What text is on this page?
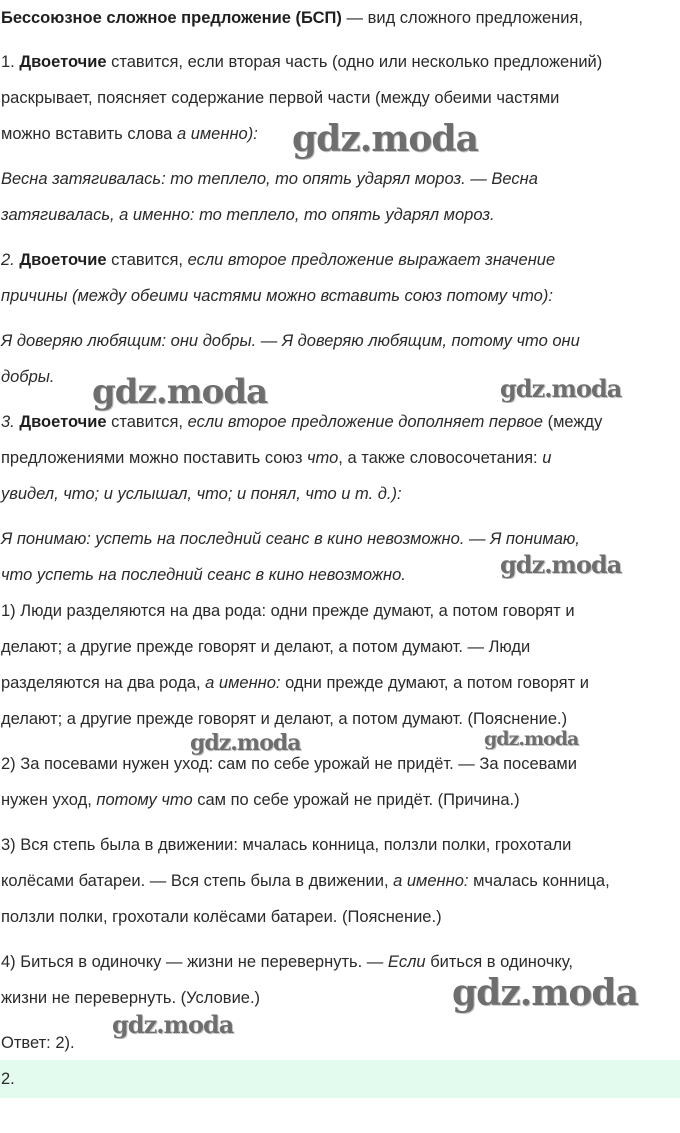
Бессоюзное сложное предложение (БСП) — вид сложного предложения,
1. Двоеточие ставится, если вторая часть (одно или несколько предложений)
раскрывает, поясняет содержание первой части (между обеими частями
можно вставить слова а именно):
Весна затягивалась: то теплело, то опять ударял мороз. — Весна
затягивалась, а именно: то теплело, то опять ударял мороз.
2. Двоеточие ставится, если второе предложение выражает значение
причины (между обеими частями можно вставить союз потому что):
Я доверяю любящим: они добры. — Я доверяю любящим, потому что они
добры.
3. Двоеточие ставится, если второе предложение дополняет первое (между
предложениями можно поставить союз что, а также словосочетания: и
увидел, что; и услышал, что; и понял, что и т. д.):
Я понимаю: успеть на последний сеанс в кино невозможно. — Я понимаю,
что успеть на последний сеанс в кино невозможно.
1) Люди разделяются на два рода: одни прежде думают, а потом говорят и
делают; а другие прежде говорят и делают, а потом думают. — Люди
разделяются на два рода, а именно: одни прежде думают, а потом говорят и
делают; а другие прежде говорят и делают, а потом думают. (Пояснение.)
2) За посевами нужен уход: сам по себе урожай не придёт. — За посевами
нужен уход, потому что сам по себе урожай не придёт. (Причина.)
3) Вся степь была в движении: мчалась конница, ползли полки, грохотали
колёсами батареи. — Вся степь была в движении, а именно: мчалась конница,
ползли полки, грохотали колёсами батареи. (Пояснение.)
4) Биться в одиночку — жизни не перевернуть. — Если биться в одиночку,
жизни не перевернуть. (Условие.)
Ответ: 2).
2.
gdz.moda
gdz.moda	gdz.moda
gdz.moda
gdz.moda	gdz.moda
gdz.moda
gdz.moda
